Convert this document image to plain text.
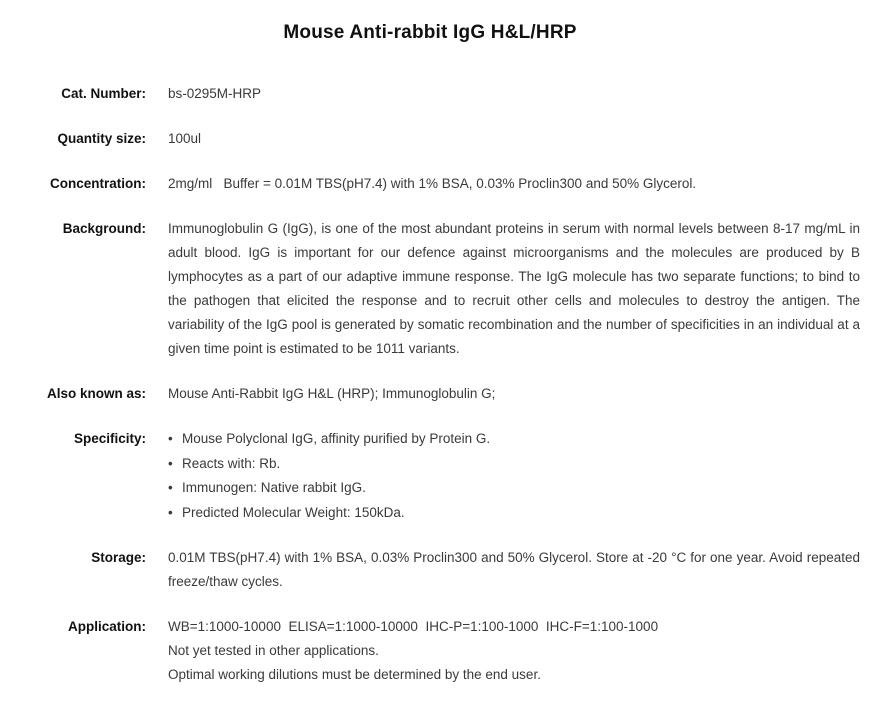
Mouse Anti-rabbit IgG H&L/HRP
Cat. Number: bs-0295M-HRP
Quantity size: 100ul
Concentration: 2mg/ml   Buffer = 0.01M TBS(pH7.4) with 1% BSA, 0.03% Proclin300 and 50% Glycerol.
Background: Immunoglobulin G (IgG), is one of the most abundant proteins in serum with normal levels between 8-17 mg/mL in adult blood. IgG is important for our defence against microorganisms and the molecules are produced by B lymphocytes as a part of our adaptive immune response. The IgG molecule has two separate functions; to bind to the pathogen that elicited the response and to recruit other cells and molecules to destroy the antigen. The variability of the IgG pool is generated by somatic recombination and the number of specificities in an individual at a given time point is estimated to be 1011 variants.
Also known as: Mouse Anti-Rabbit IgG H&L (HRP); Immunoglobulin G;
Specificity: • Mouse Polyclonal IgG, affinity purified by Protein G.
• Reacts with: Rb.
• Immunogen: Native rabbit IgG.
• Predicted Molecular Weight: 150kDa.
Storage: 0.01M TBS(pH7.4) with 1% BSA, 0.03% Proclin300 and 50% Glycerol. Store at -20 °C for one year. Avoid repeated freeze/thaw cycles.
Application: WB=1:1000-10000  ELISA=1:1000-10000  IHC-P=1:100-1000  IHC-F=1:100-1000
Not yet tested in other applications.
Optimal working dilutions must be determined by the end user.
